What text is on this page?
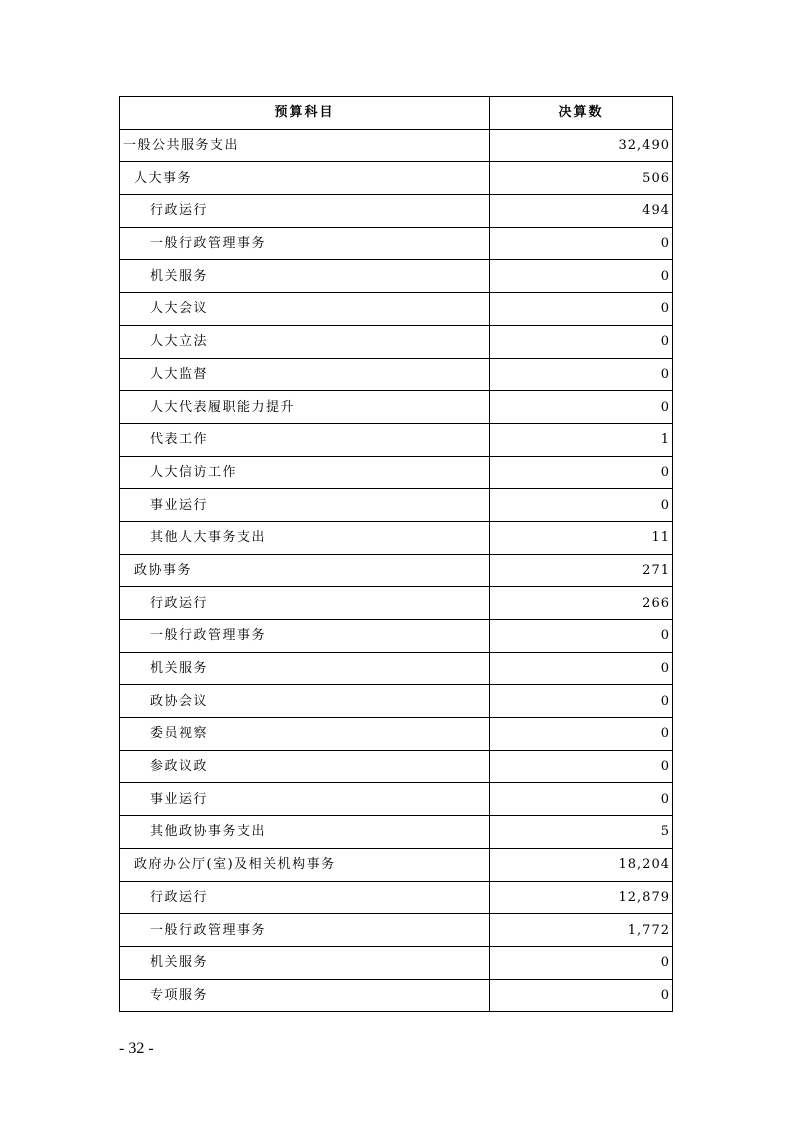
预算科目	决算数
一般公共服务支出	32,490
人大事务	506
行政运行	494
一般行政管理事务	0
机关服务	0
人大会议	0
人大立法	0
人大监督	0
人大代表履职能力提升	0
代表工作	1
人大信访工作	0
事业运行	0
其他人大事务支出	11
政协事务	271
行政运行	266
一般行政管理事务	0
机关服务	0
政协会议	0
委员视察	0
参政议政	0
事业运行	0
其他政协事务支出	5
政府办公厅(室)及相关机构事务	18,204
行政运行	12,879
一般行政管理事务	1,772
机关服务	0
专项服务	0
- 32 -
